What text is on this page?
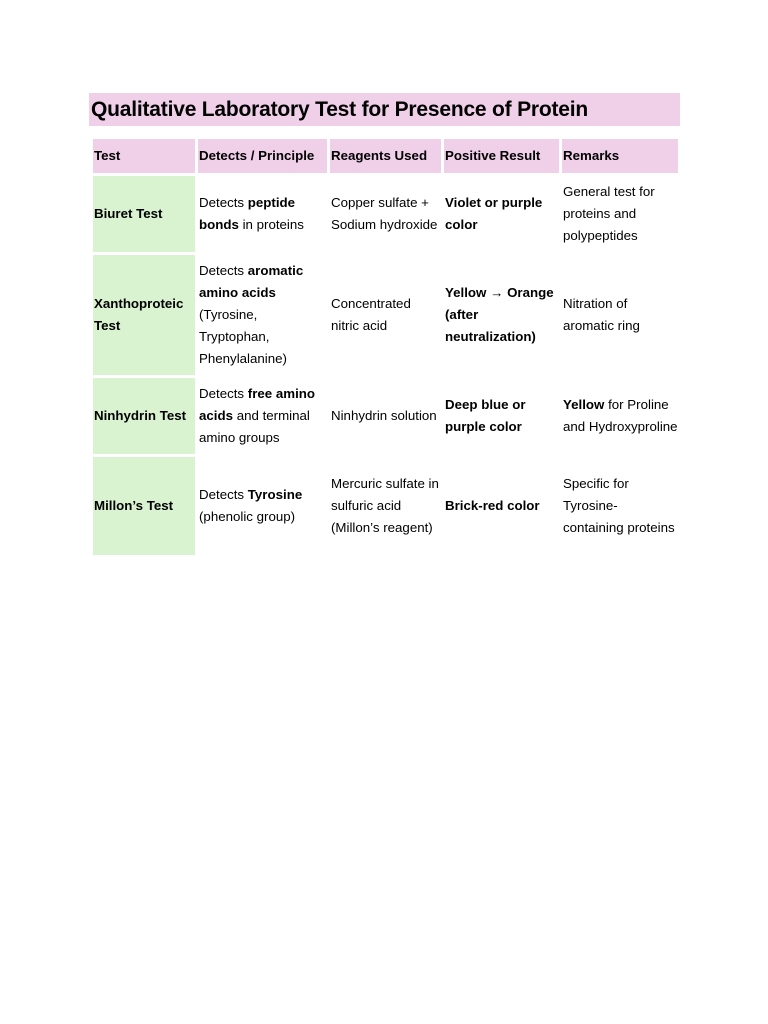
Qualitative Laboratory Test for Presence of Protein
Test	Detects / Principle	Reagents Used	Positive Result	Remarks
Biuret Test	Detects peptide bonds in proteins	Copper sulfate + Sodium hydroxide	Violet or purple color	General test for proteins and polypeptides
Xanthoproteic Test	Detects aromatic amino acids (Tyrosine, Tryptophan, Phenylalanine)	Concentrated nitric acid	Yellow → Orange (after neutralization)	Nitration of aromatic ring
Ninhydrin Test	Detects free amino acids and terminal amino groups	Ninhydrin solution	Deep blue or purple color	Yellow for Proline and Hydroxyproline
Millon’s Test	Detects Tyrosine (phenolic group)	Mercuric sulfate in sulfuric acid (Millon’s reagent)	Brick-red color	Specific for Tyrosine-containing proteins
